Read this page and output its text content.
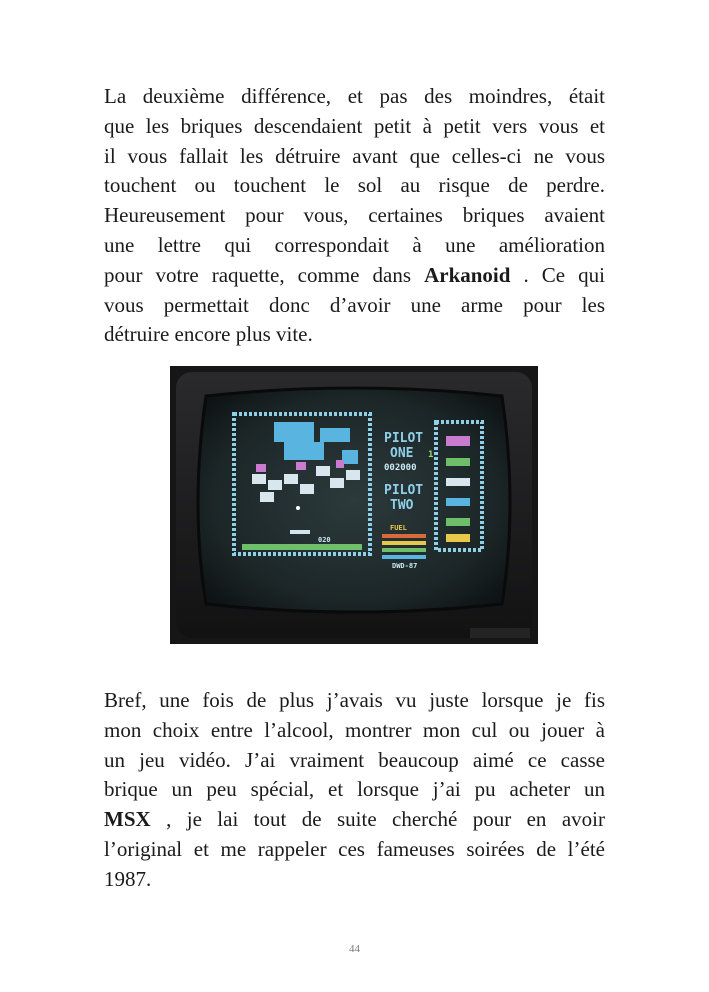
La deuxième différence, et pas des moindres, était
que les briques descendaient petit à petit vers vous et
il vous fallait les détruire avant que celles-ci ne vous
touchent ou touchent le sol au risque de perdre.
Heureusement pour vous, certaines briques avaient
une lettre qui correspondait à une amélioration
pour votre raquette, comme dans Arkanoid . Ce qui
vous permettait donc d’avoir une arme pour les
détruire encore plus vite.
PILOT
ONE 1
002000
PILOT
TWO
020
FUEL
DWD-87
Bref, une fois de plus j’avais vu juste lorsque je fis
mon choix entre l’alcool, montrer mon cul ou jouer à
un jeu vidéo. J’ai vraiment beaucoup aimé ce casse
brique un peu spécial, et lorsque j’ai pu acheter un
MSX , je lai tout de suite cherché pour en avoir
l’original et me rappeler ces fameuses soirées de l’été
1987.
44
